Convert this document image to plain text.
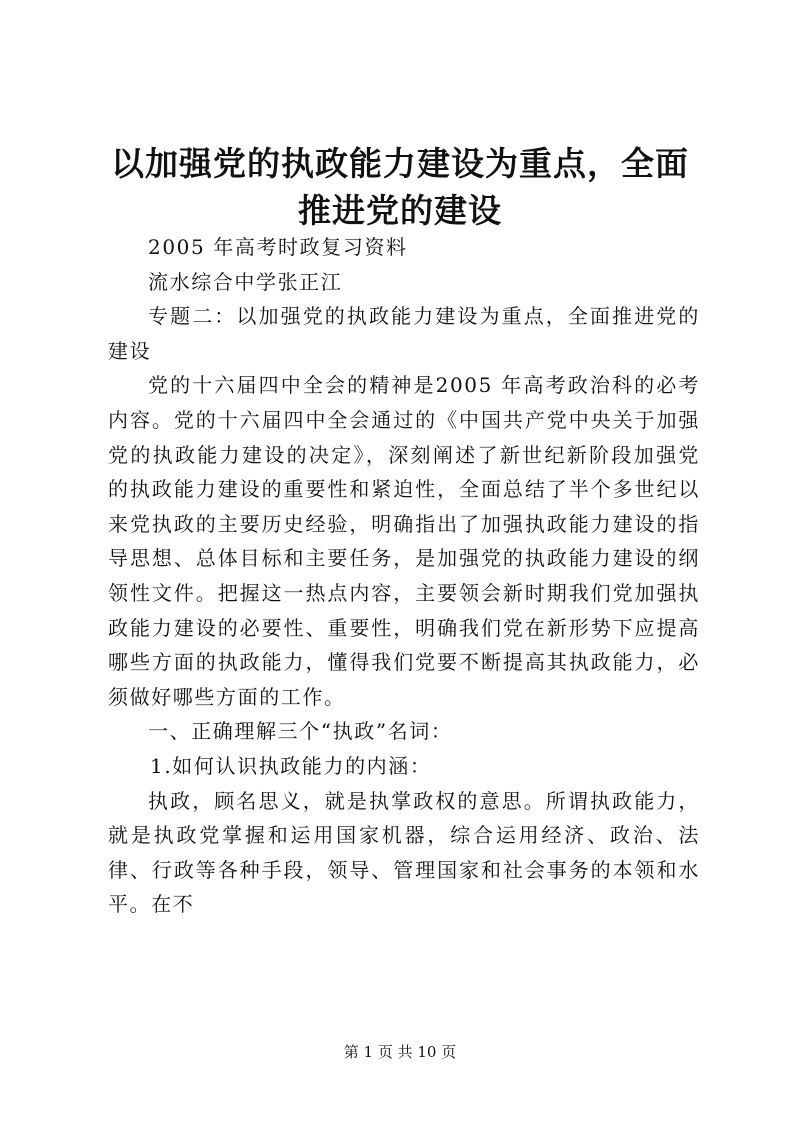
以加强党的执政能力建设为重点，全面推进党的建设

2005 年高考时政复习资料

流水综合中学张正江

专题二：以加强党的执政能力建设为重点，全面推进党的建设

党的十六届四中全会的精神是2005 年高考政治科的必考内容。党的十六届四中全会通过的《中国共产党中央关于加强党的执政能力建设的决定》，深刻阐述了新世纪新阶段加强党的执政能力建设的重要性和紧迫性，全面总结了半个多世纪以来党执政的主要历史经验，明确指出了加强执政能力建设的指导思想、总体目标和主要任务，是加强党的执政能力建设的纲领性文件。把握这一热点内容，主要领会新时期我们党加强执政能力建设的必要性、重要性，明确我们党在新形势下应提高哪些方面的执政能力，懂得我们党要不断提高其执政能力，必须做好哪些方面的工作。

一、正确理解三个“执政”名词：

1.如何认识执政能力的内涵：

执政，顾名思义，就是执掌政权的意思。所谓执政能力，就是执政党掌握和运用国家机器，综合运用经济、政治、法律、行政等各种手段，领导、管理国家和社会事务的本领和水平。在不

第 1 页 共 10 页
